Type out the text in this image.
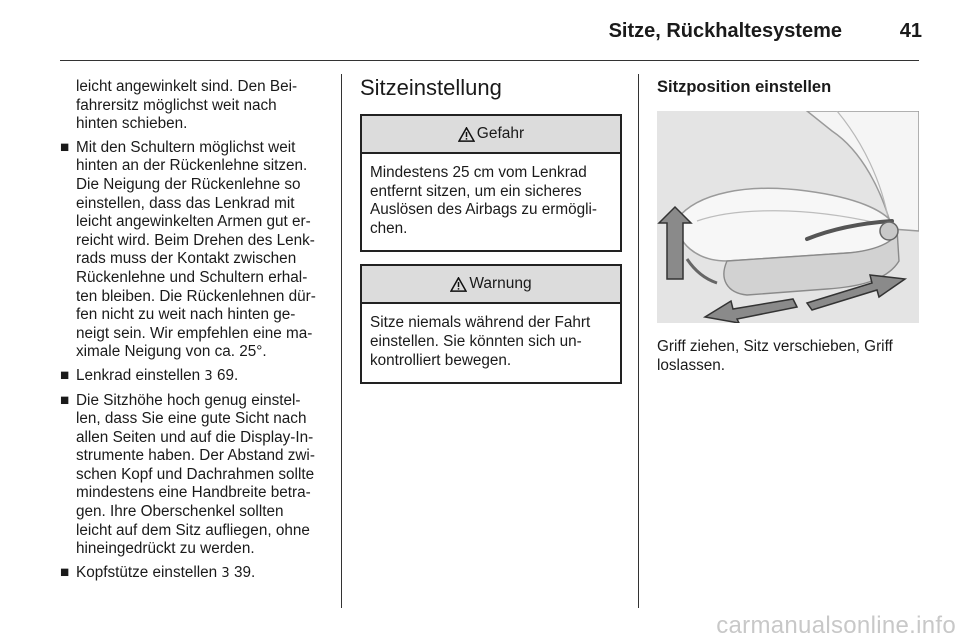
Sitze, Rückhaltesysteme	41
leicht angewinkelt sind. Den Bei-
fahrersitz möglichst weit nach
hinten schieben.
■ Mit den Schultern möglichst weit
hinten an der Rückenlehne sitzen.
Die Neigung der Rückenlehne so
einstellen, dass das Lenkrad mit
leicht angewinkelten Armen gut er-
reicht wird. Beim Drehen des Lenk-
rads muss der Kontakt zwischen
Rückenlehne und Schultern erhal-
ten bleiben. Die Rückenlehnen dür-
fen nicht zu weit nach hinten ge-
neigt sein. Wir empfehlen eine ma-
ximale Neigung von ca. 25°.
■ Lenkrad einstellen 3 69.
■ Die Sitzhöhe hoch genug einstel-
len, dass Sie eine gute Sicht nach
allen Seiten und auf die Display-In-
strumente haben. Der Abstand zwi-
schen Kopf und Dachrahmen sollte
mindestens eine Handbreite betra-
gen. Ihre Oberschenkel sollten
leicht auf dem Sitz aufliegen, ohne
hineingedrückt zu werden.
■ Kopfstütze einstellen 3 39.
Sitzeinstellung
Gefahr
Mindestens 25 cm vom Lenkrad
entfernt sitzen, um ein sicheres
Auslösen des Airbags zu ermögli-
chen.
Warnung
Sitze niemals während der Fahrt
einstellen. Sie könnten sich un-
kontrolliert bewegen.
Sitzposition einstellen
Griff ziehen, Sitz verschieben, Griff
loslassen.
carmanualsonline.info
